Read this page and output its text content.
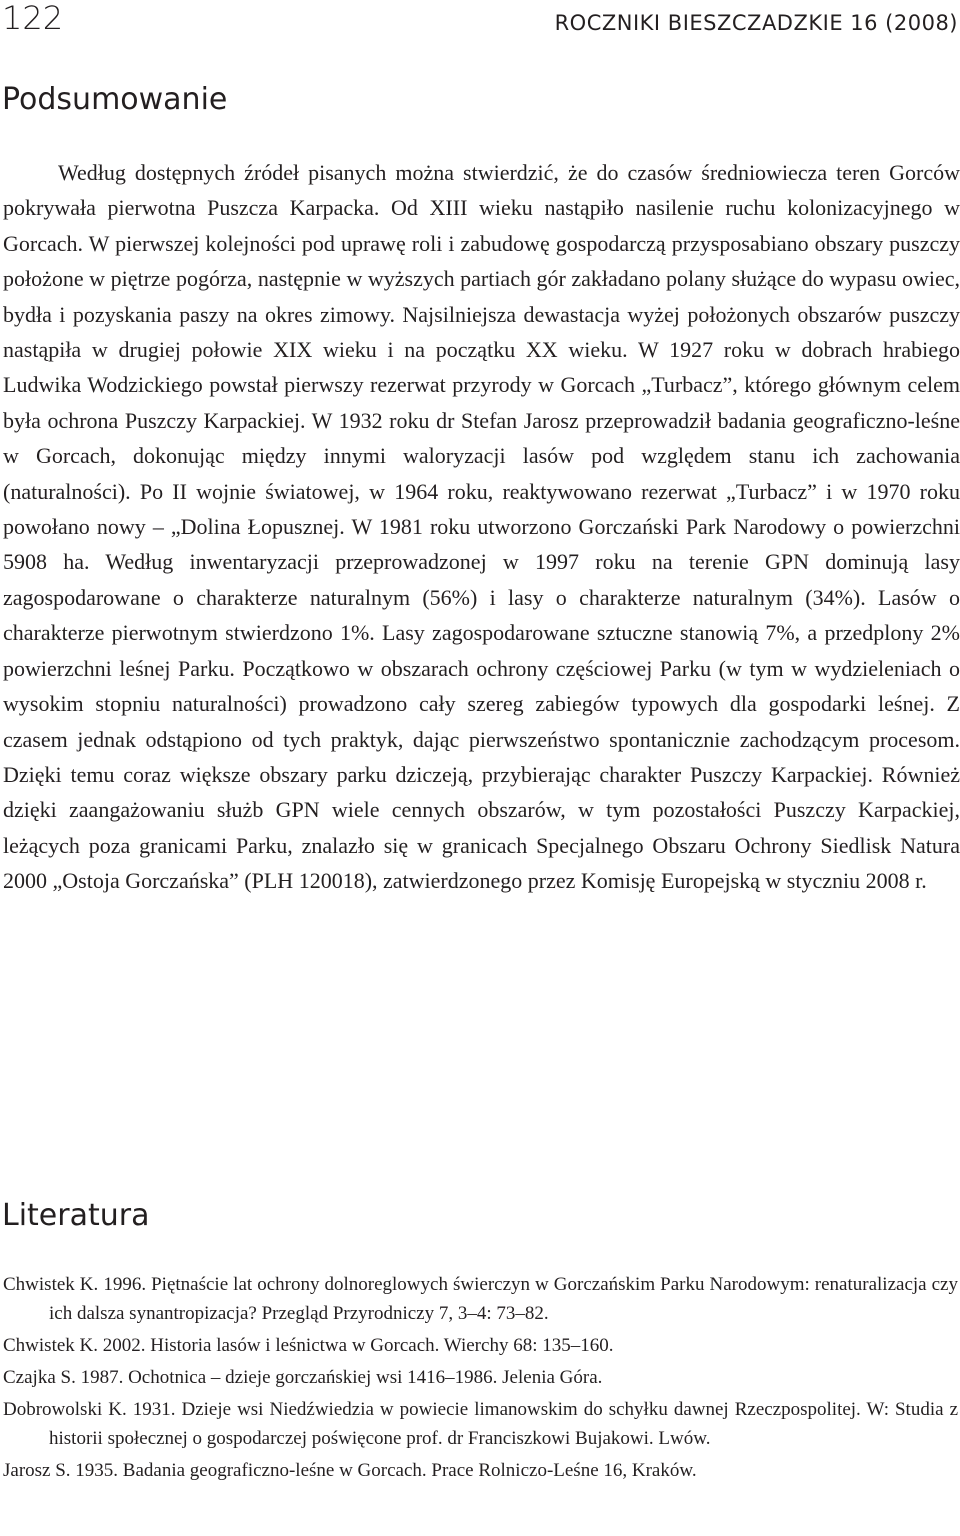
122	ROCZNIKI BIESZCZADZKIE 16 (2008)
Podsumowanie

Według dostępnych źródeł pisanych można stwierdzić, że do czasów średniowiecza teren Gorców pokrywała pierwotna Puszcza Karpacka. Od XIII wieku nastąpiło nasilenie ruchu kolonizacyjnego w Gorcach. W pierwszej kolejności pod uprawę roli i zabudowę gospodarczą przysposabiano obszary puszczy położone w piętrze pogórza, następnie w wyższych partiach gór zakładano polany służące do wypasu owiec, bydła i pozyskania paszy na okres zimowy. Najsilniejsza dewastacja wyżej położonych obszarów puszczy nastąpiła w drugiej połowie XIX wieku i na początku XX wieku. W 1927 roku w dobrach hrabiego Ludwika Wodzickiego powstał pierwszy rezerwat przyrody w Gorcach „Turbacz”, którego głównym celem była ochrona Puszczy Karpackiej. W 1932 roku dr Stefan Jarosz przeprowadził badania geograficzno-leśne w Gorcach, dokonując między innymi waloryzacji lasów pod względem stanu ich zachowania (naturalności). Po II wojnie światowej, w 1964 roku, reaktywowano rezerwat „Turbacz” i w 1970 roku powołano nowy – „Dolina Łopusznej. W 1981 roku utworzono Gorczański Park Narodowy o powierzchni 5908 ha. Według inwentaryzacji przeprowadzonej w 1997 roku na terenie GPN dominują lasy zagospodarowane o charakterze naturalnym (56%) i lasy o charakterze naturalnym (34%). Lasów o charakterze pierwotnym stwierdzono 1%. Lasy zagospodarowane sztuczne stanowią 7%, a przedplony 2% powierzchni leśnej Parku. Początkowo w obszarach ochrony częściowej Parku (w tym w wydzieleniach o wysokim stopniu naturalności) prowadzono cały szereg zabiegów typowych dla gospodarki leśnej. Z czasem jednak odstąpiono od tych praktyk, dając pierwszeństwo spontanicznie zachodzącym procesom. Dzięki temu coraz większe obszary parku dziczeją, przybierając charakter Puszczy Karpackiej. Również dzięki zaangażowaniu służb GPN wiele cennych obszarów, w tym pozostałości Puszczy Karpackiej, leżących poza granicami Parku, znalazło się w granicach Specjalnego Obszaru Ochrony Siedlisk Natura 2000 „Ostoja Gorczańska” (PLH 120018), zatwierdzonego przez Komisję Europejską w styczniu 2008 r.

Literatura
Chwistek K. 1996. Piętnaście lat ochrony dolnoreglowych świerczyn w Gorczańskim Parku Narodowym: renaturalizacja czy ich dalsza synantropizacja? Przegląd Przyrodniczy 7, 3–4: 73–82.
Chwistek K. 2002. Historia lasów i leśnictwa w Gorcach. Wierchy 68: 135–160.
Czajka S. 1987. Ochotnica – dzieje gorczańskiej wsi 1416–1986. Jelenia Góra.
Dobrowolski K. 1931. Dzieje wsi Niedźwiedzia w powiecie limanowskim do schyłku dawnej Rzeczpospolitej. W: Studia z historii społecznej o gospodarczej poświęcone prof. dr Franciszkowi Bujakowi. Lwów.
Jarosz S. 1935. Badania geograficzno-leśne w Gorcach. Prace Rolniczo-Leśne 16, Kraków.
